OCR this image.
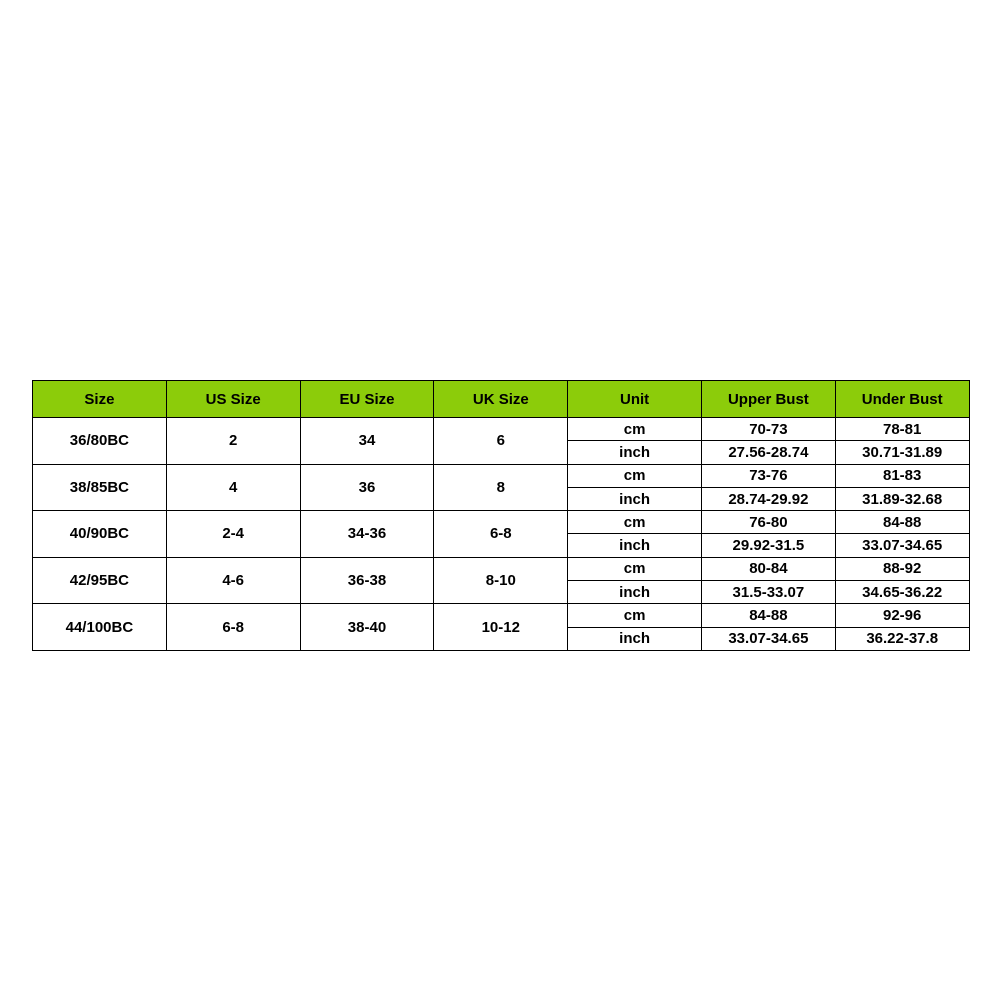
Size	US Size	EU Size	UK Size	Unit	Upper Bust	Under Bust
36/80BC	2	34	6	cm	70-73	78-81
				inch	27.56-28.74	30.71-31.89
38/85BC	4	36	8	cm	73-76	81-83
				inch	28.74-29.92	31.89-32.68
40/90BC	2-4	34-36	6-8	cm	76-80	84-88
				inch	29.92-31.5	33.07-34.65
42/95BC	4-6	36-38	8-10	cm	80-84	88-92
				inch	31.5-33.07	34.65-36.22
44/100BC	6-8	38-40	10-12	cm	84-88	92-96
				inch	33.07-34.65	36.22-37.8
